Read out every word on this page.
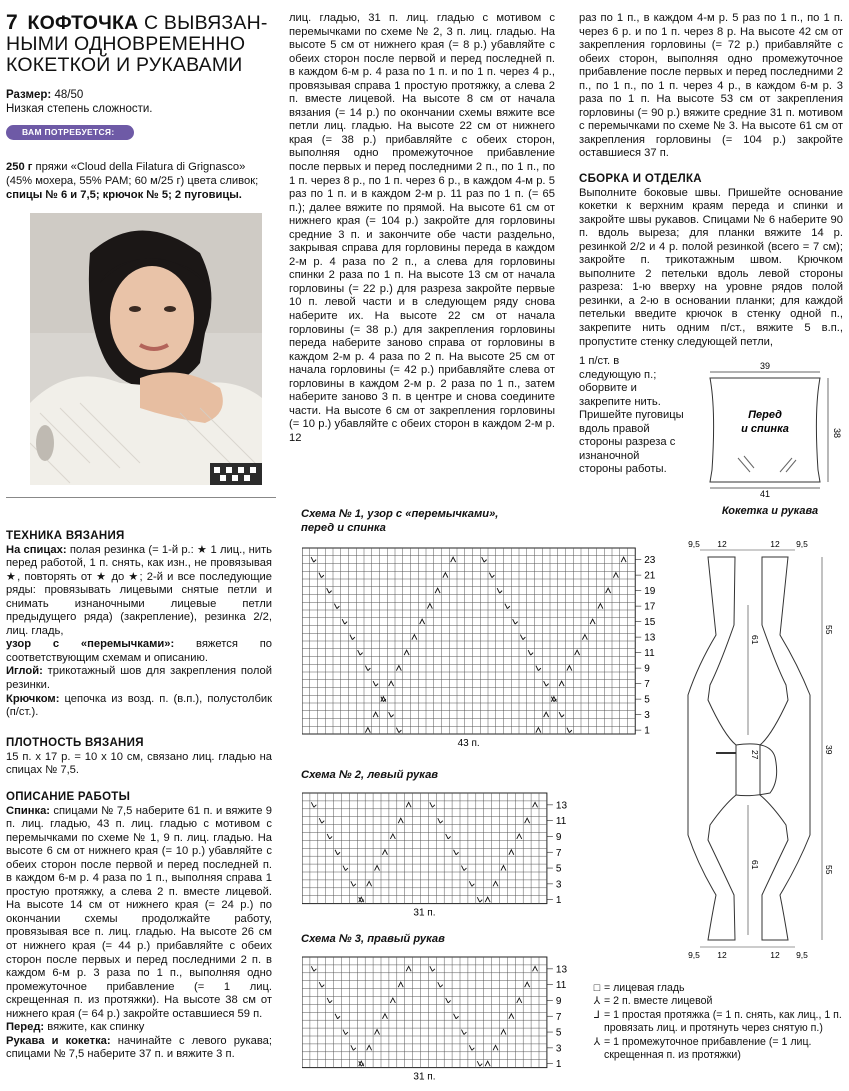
7 КОФТОЧКА С ВЫВЯЗАН-НЫМИ ОДНОВРЕМЕННО КОКЕТКОЙ И РУКАВАМИ
Размер: 48/50
Низкая степень сложности.
ВАМ ПОТРЕБУЕТСЯ:
250 г пряжи «Cloud della Filatura di Grignasco» (45% мохера, 55% РАМ; 60 м/25 г) цвета сливок; спицы № 6 и 7,5; крючок № 5; 2 пуговицы.

ТЕХНИКА ВЯЗАНИЯ

На спицах: полая резинка (= 1-й р.: ★ 1 лиц., нить перед работой, 1 п. снять, как изн., не провязывая ★, повторять от ★ до ★; 2-й и все последующие ряды: провязывать лицевыми снятые петли и снимать изнаночными лицевые петли предыдущего ряда) (закрепление), резинка 2/2, лиц. гладь,

узор с «перемычками»: вяжется по соответствующим схемам и описанию.

Иглой: трикотажный шов для закрепления полой резинки.

Крючком: цепочка из возд. п. (в.п.), полустолбик (п/ст.).

ПЛОТНОСТЬ ВЯЗАНИЯ

15 п. х 17 р. = 10 х 10 см, связано лиц. гладью на спицах № 7,5.

ОПИСАНИЕ РАБОТЫ

Спинка: спицами № 7,5 наберите 61 п. и вяжите 9 п. лиц. гладью, 43 п. лиц. гладью с мотивом с перемычками по схеме № 1, 9 п. лиц. гладью. На высоте 6 см от нижнего края (= 10 р.) убавляйте с обеих сторон после первой и перед последней п. в каждом 6-м р. 4 раза по 1 п., выполняя справа 1 простую протяжку, а слева 2 п. вместе лицевой. На высоте 14 см от нижнего края (= 24 р.) по окончании схемы продолжайте работу, провязывая все п. лиц. гладью. На высоте 26 см от нижнего края (= 44 р.) прибавляйте с обеих сторон после первых и перед последними 2 п. в каждом 6-м р. 3 раза по 1 п., выполняя одно промежуточное прибавление (= 1 лиц. скрещенная п. из протяжки). На высоте 38 см от нижнего края (= 64 р.) закройте оставшиеся 59 п.

Перед: вяжите, как спинку

Рукава и кокетка: начинайте с левого рукава; спицами № 7,5 наберите 37 п. и вяжите 3 п.

лиц. гладью, 31 п. лиц. гладью с мотивом с перемычками по схеме № 2, 3 п. лиц. гладью. На высоте 5 см от нижнего края (= 8 р.) убавляйте с обеих сторон после первой и перед последней п. в каждом 6-м р. 4 раза по 1 п. и по 1 п. через 4 р., провязывая справа 1 простую протяжку, а слева 2 п. вместе лицевой. На высоте 8 см от начала вязания (= 14 р.) по окончании схемы вяжите все петли лиц. гладью. На высоте 22 см от нижнего края (= 38 р.) прибавляйте с обеих сторон, выполняя одно промежуточное прибавление после первых и перед последними 2 п., по 1 п., по 1 п. через 8 р., по 1 п. через 6 р., в каждом 4-м р. 5 раз по 1 п. и в каждом 2-м р. 11 раз по 1 п. (= 65 п.); далее вяжите по прямой. На высоте 61 см от нижнего края (= 104 р.) закройте для горловины средние 3 п. и закончите обе части раздельно, закрывая справа для горловины переда в каждом 2-м р. 4 раза по 2 п., а слева для горловины спинки 2 раза по 1 п. На высоте 13 см от начала горловины (= 22 р.) для разреза закройте первые 10 п. левой части и в следующем ряду снова наберите их. На высоте 22 см от начала горловины (= 38 р.) для закрепления горловины переда наберите заново справа от горловины в каждом 2-м р. 4 раза по 2 п. На высоте 25 см от начала горловины (= 42 р.) прибавляйте слева от горловины в каждом 2-м р. 2 раза по 1 п., затем наберите заново 3 п. в центре и снова соедините части. На высоте 6 см от закрепления горловины (= 10 р.) убавляйте с обеих сторон в каждом 2-м р. 12

раз по 1 п., в каждом 4-м р. 5 раз по 1 п., по 1 п. через 6 р. и по 1 п. через 8 р. На высоте 42 см от закрепления горловины (= 72 р.) прибавляйте с обеих сторон, выполняя одно промежуточное прибавление после первых и перед последними 2 п., по 1 п., по 1 п. через 4 р., в каждом 6-м р. 3 раза по 1 п. На высоте 53 см от закрепления горловины (= 90 р.) вяжите средние 31 п. мотивом с перемычками по схеме № 3. На высоте 61 см от закрепления горловины (= 104 р.) закройте оставшиеся 37 п.

СБОРКА И ОТДЕЛКА

Выполните боковые швы. Пришейте основание кокетки к верхним краям переда и спинки и закройте швы рукавов. Спицами № 6 наберите 90 п. вдоль выреза; для планки вяжите 14 р. резинкой 2/2 и 4 р. полой резинкой (всего = 7 см); закройте п. трикотажным швом. Крючком выполните 2 петельки вдоль левой стороны разреза: 1-ю вверху на уровне рядов полой резинки, а 2-ю в основании планки; для каждой петельки введите крючок в стенку одной п., закрепите нить одним п/ст., вяжите 5 в.п., пропустите стенку следующей петли,

1 п/ст. в следующую п.; оборвите и закрепите нить. Пришейте пуговицы вдоль правой стороны разреза с изнаночной стороны работы.

39
38
41
Перед
и спинка
Кокетка и рукава
9,5 12	12 9,5
9,5 12	12 9,5
61
27
61
55
39
55
Схема № 1, узор с «перемычками»,
перед и спинка
23
21
19
17
15
13
11
9
7
5
3
1
43 п.
Схема № 2, левый рукав
13
11
9
7
5
3
1
31 п.
Схема № 3, правый рукав
13
11
9
7
5
3
1
31 п.
□ = лицевая гладь
⅄ = 2 п. вместе лицевой
⅃ = 1 простая протяжка (= 1 п. снять, как лиц., 1 п. провязать лиц. и протянуть через снятую п.)
⅄ = 1 промежуточное прибавление (= 1 лиц. скрещенная п. из протяжки)
